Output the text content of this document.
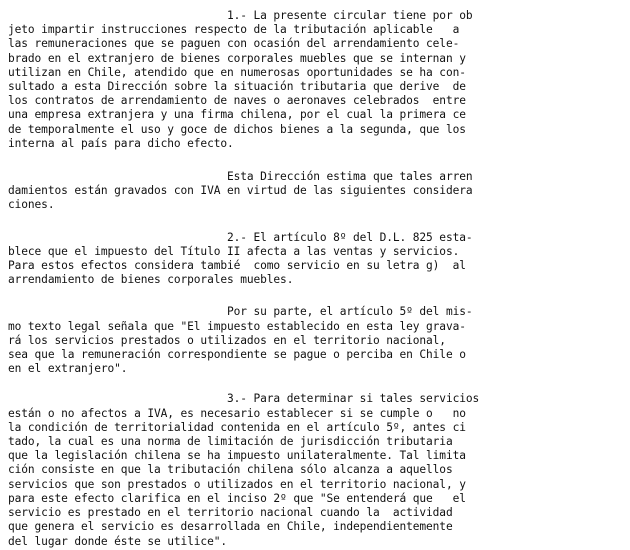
1.- La presente circular tiene por ob
jeto impartir instrucciones respecto de la tributación aplicable   a
las remuneraciones que se paguen con ocasión del arrendamiento cele-
brado en el extranjero de bienes corporales muebles que se internan y
utilizan en Chile, atendido que en numerosas oportunidades se ha con-
sultado a esta Dirección sobre la situación tributaria que derive  de
los contratos de arrendamiento de naves o aeronaves celebrados  entre
una empresa extranjera y una firma chilena, por el cual la primera ce
de temporalmente el uso y goce de dichos bienes a la segunda, que los
interna al país para dicho efecto.
Esta Dirección estima que tales arren
damientos están gravados con IVA en virtud de las siguientes considera
ciones.
2.- El artículo 8º del D.L. 825 esta-
blece que el impuesto del Título II afecta a las ventas y servicios.
Para estos efectos considera tambié  como servicio en su letra g)  al
arrendamiento de bienes corporales muebles.
Por su parte, el artículo 5º del mis-
mo texto legal señala que "El impuesto establecido en esta ley grava-
rá los servicios prestados o utilizados en el territorio nacional,
sea que la remuneración correspondiente se pague o perciba en Chile o
en el extranjero".
3.- Para determinar si tales servicios
están o no afectos a IVA, es necesario establecer si se cumple o   no
la condición de territorialidad contenida en el artículo 5º, antes ci
tado, la cual es una norma de limitación de jurisdicción tributaria
que la legislación chilena se ha impuesto unilateralmente. Tal limita
ción consiste en que la tributación chilena sólo alcanza a aquellos
servicios que son prestados o utilizados en el territorio nacional, y
para este efecto clarifica en el inciso 2º que "Se entenderá que   el
servicio es prestado en el territorio nacional cuando la  actividad
que genera el servicio es desarrollada en Chile, independientemente
del lugar donde éste se utilice".
